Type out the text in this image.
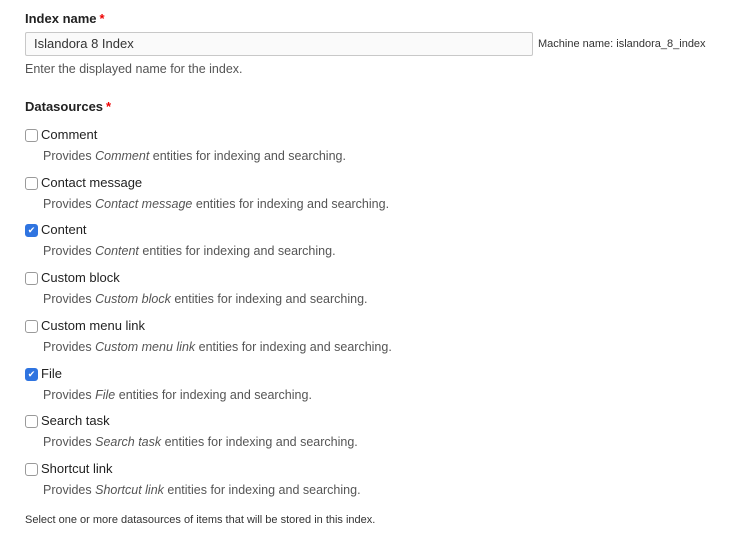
Index name *
Islandora 8 Index
Machine name: islandora_8_index
Enter the displayed name for the index.
Datasources *
Comment
Provides Comment entities for indexing and searching.
Contact message
Provides Contact message entities for indexing and searching.
✔ Content
Provides Content entities for indexing and searching.
Custom block
Provides Custom block entities for indexing and searching.
Custom menu link
Provides Custom menu link entities for indexing and searching.
✔ File
Provides File entities for indexing and searching.
Search task
Provides Search task entities for indexing and searching.
Shortcut link
Provides Shortcut link entities for indexing and searching.
Select one or more datasources of items that will be stored in this index.
